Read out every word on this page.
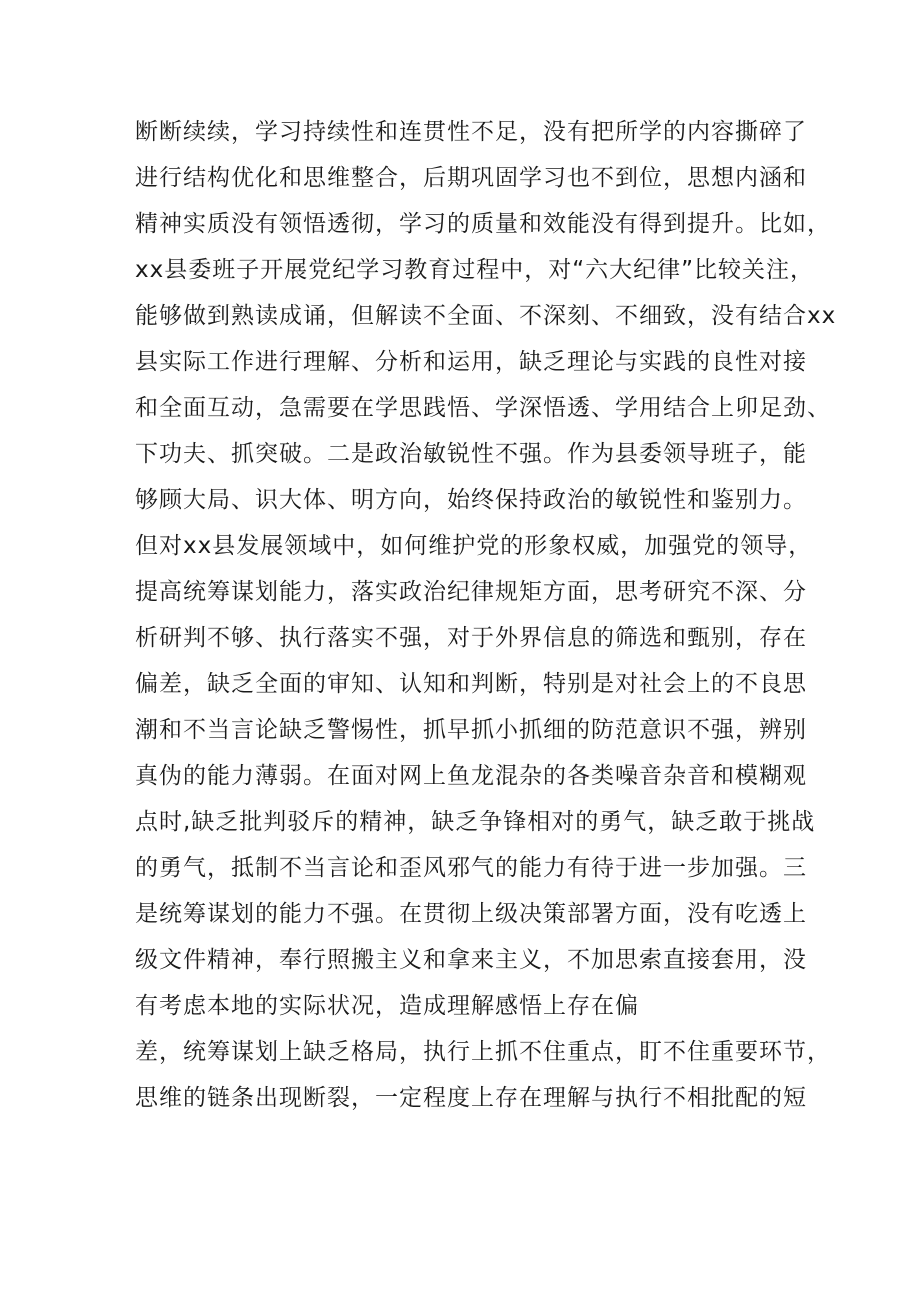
断断续续，学习持续性和连贯性不足，没有把所学的内容撕碎了
进行结构优化和思维整合，后期巩固学习也不到位，思想内涵和
精神实质没有领悟透彻，学习的质量和效能没有得到提升。比如，
xx县委班子开展党纪学习教育过程中，对“六大纪律”比较关注，
能够做到熟读成诵，但解读不全面、不深刻、不细致，没有结合xx
县实际工作进行理解、分析和运用，缺乏理论与实践的良性对接
和全面互动，急需要在学思践悟、学深悟透、学用结合上卯足劲、
下功夫、抓突破。二是政治敏锐性不强。作为县委领导班子，能
够顾大局、识大体、明方向，始终保持政治的敏锐性和鉴别力。
但对xx县发展领域中，如何维护党的形象权威，加强党的领导，
提高统筹谋划能力，落实政治纪律规矩方面，思考研究不深、分
析研判不够、执行落实不强，对于外界信息的筛选和甄别，存在
偏差，缺乏全面的审知、认知和判断，特别是对社会上的不良思
潮和不当言论缺乏警惕性，抓早抓小抓细的防范意识不强，辨别
真伪的能力薄弱。在面对网上鱼龙混杂的各类噪音杂音和模糊观
点时,缺乏批判驳斥的精神，缺乏争锋相对的勇气，缺乏敢于挑战
的勇气，抵制不当言论和歪风邪气的能力有待于进一步加强。三
是统筹谋划的能力不强。在贯彻上级决策部署方面，没有吃透上
级文件精神，奉行照搬主义和拿来主义，不加思索直接套用，没
有考虑本地的实际状况，造成理解感悟上存在偏
差，统筹谋划上缺乏格局，执行上抓不住重点，盯不住重要环节，
思维的链条出现断裂，一定程度上存在理解与执行不相批配的短
